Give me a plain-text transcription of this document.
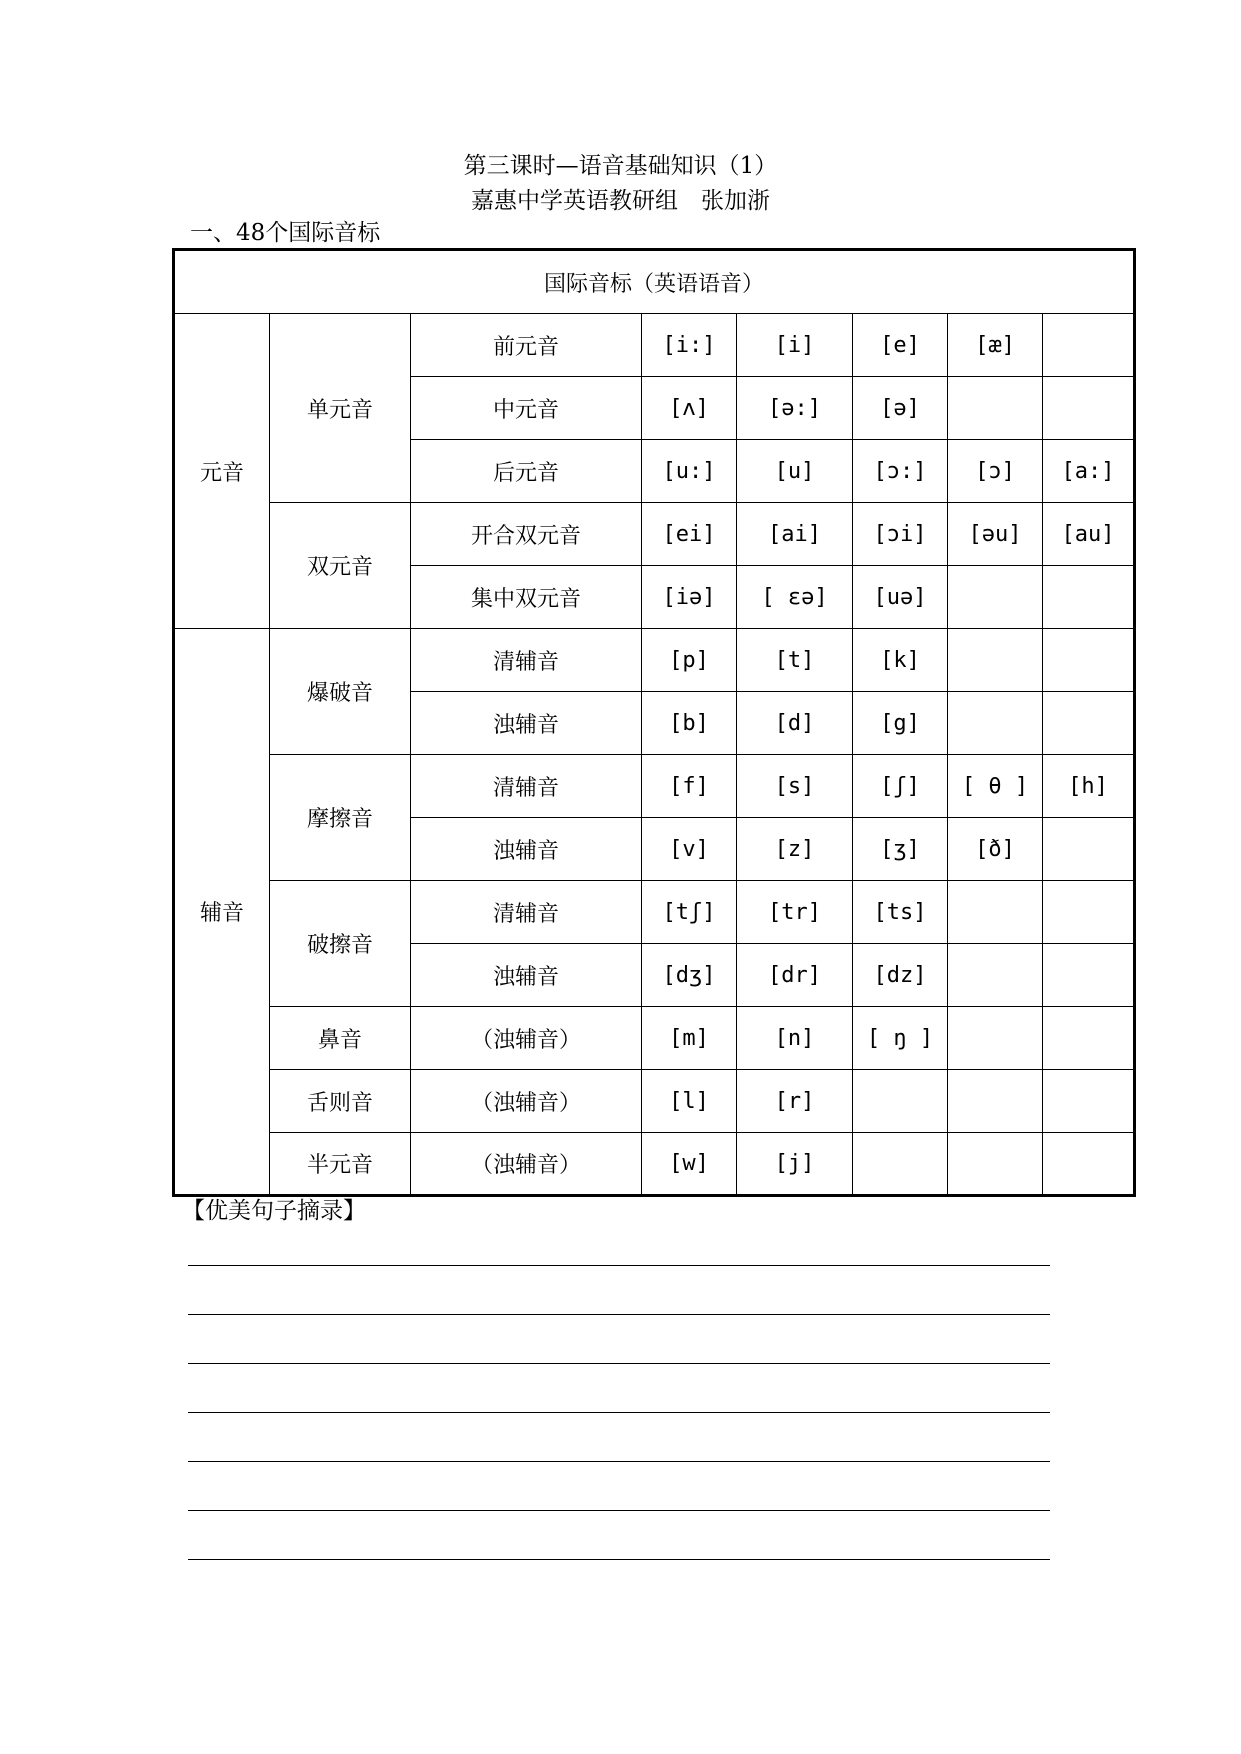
第三课时—语音基础知识（1）
嘉惠中学英语教研组　张加浙
一、48个国际音标
国际音标（英语语音）							
元音	单元音	前元音	[i:]	[i]	[e]	[æ]	
		中元音	[ʌ]	[ə:]	[ə]		
		后元音	[u:]	[u]	[ɔ:]	[ɔ]	[a:]
	双元音	开合双元音	[ei]	[ai]	[ɔi]	[əu]	[au]
		集中双元音	[iə]	[ εə]	[uə]		
辅音	爆破音	清辅音	[p]	[t]	[k]		
		浊辅音	[b]	[d]	[g]		
	摩擦音	清辅音	[f]	[s]	[ʃ]	[ θ ]	[h]
		浊辅音	[v]	[z]	[ʒ]	[ð]	
	破擦音	清辅音	[tʃ]	[tr]	[ts]		
		浊辅音	[dʒ]	[dr]	[dz]		
	鼻音	（浊辅音）	[m]	[n]	[ ŋ ]		
	舌则音	（浊辅音）	[l]	[r]			
	半元音	（浊辅音）	[w]	[j]			
【优美句子摘录】
